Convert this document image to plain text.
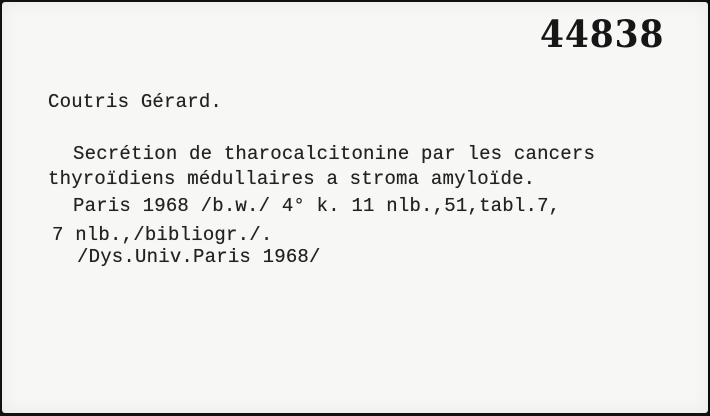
44838
Coutris Gérard.
Secrétion de tharocalcitonine par les cancers
thyroïdiens médullaires a stroma amyloïde.
Paris 1968 /b.w./ 4° k. 11 nlb.,51,tabl.7,
7 nlb.,/bibliogr./.
/Dys.Univ.Paris 1968/
